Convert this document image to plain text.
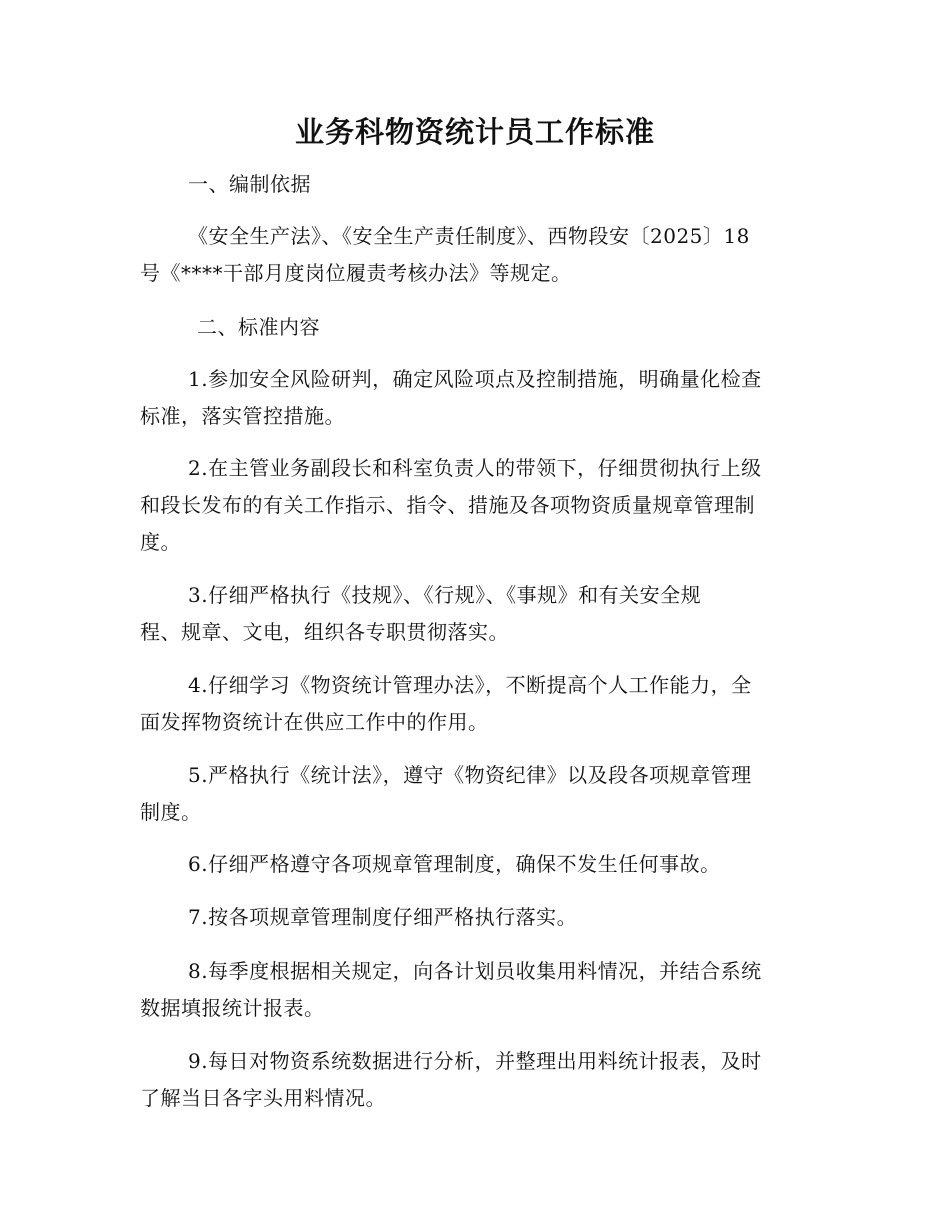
业务科物资统计员工作标准
一、编制依据
《安全生产法》、《安全生产责任制度》、西物段安〔2025〕18
号《****干部月度岗位履责考核办法》等规定。
二、标准内容
1.参加安全风险研判，确定风险项点及控制措施，明确量化检查
标准，落实管控措施。
2.在主管业务副段长和科室负责人的带领下，仔细贯彻执行上级
和段长发布的有关工作指示、指令、措施及各项物资质量规章管理制
度。
3.仔细严格执行《技规》、《行规》、《事规》和有关安全规
程、规章、文电，组织各专职贯彻落实。
4.仔细学习《物资统计管理办法》，不断提高个人工作能力，全
面发挥物资统计在供应工作中的作用。
5.严格执行《统计法》，遵守《物资纪律》以及段各项规章管理
制度。
6.仔细严格遵守各项规章管理制度，确保不发生任何事故。
7.按各项规章管理制度仔细严格执行落实。
8.每季度根据相关规定，向各计划员收集用料情况，并结合系统
数据填报统计报表。
9.每日对物资系统数据进行分析，并整理出用料统计报表，及时
了解当日各字头用料情况。
